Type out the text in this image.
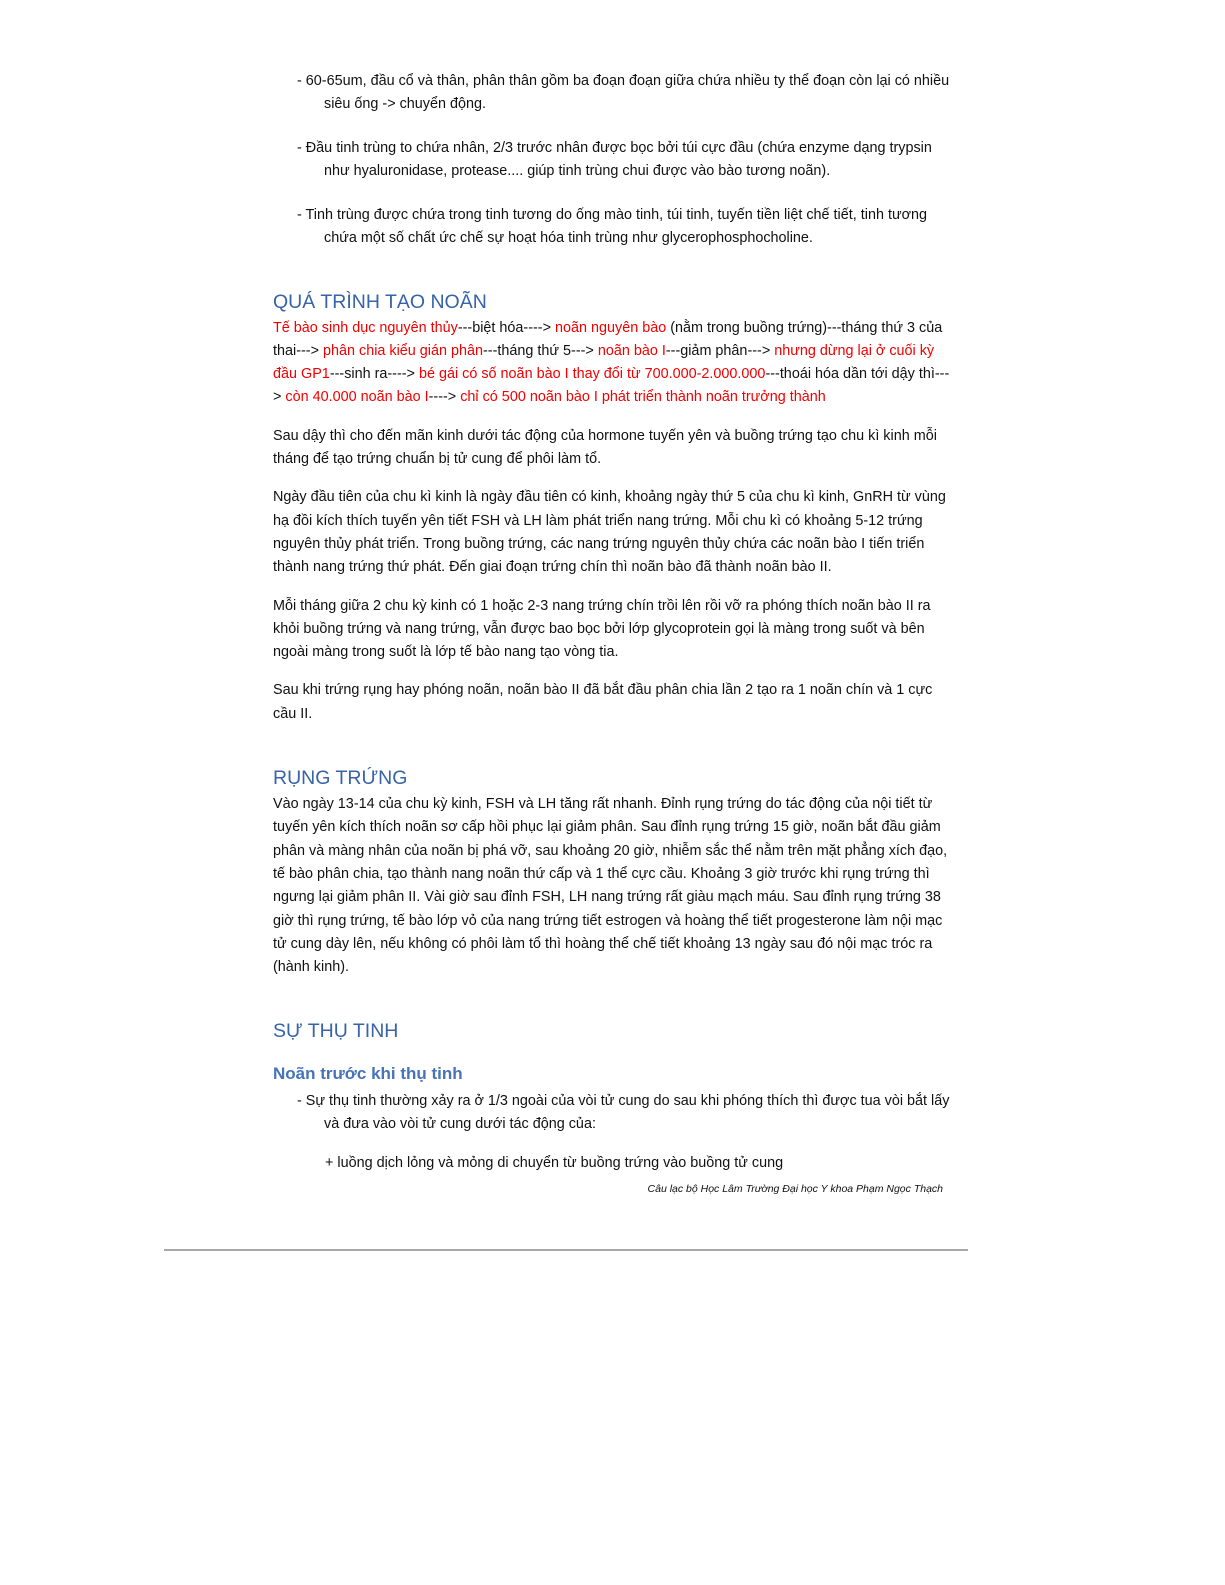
- 60-65um, đầu cổ và thân, phân thân gồm ba đoạn đoạn giữa chứa nhiều ty thể đoạn còn lại có nhiều siêu ống -> chuyển động.
- Đầu tinh trùng to chứa nhân, 2/3 trước nhân được bọc bởi túi cực đầu (chứa enzyme dạng trypsin như hyaluronidase, protease.... giúp tinh trùng chui được vào bào tương noãn).
- Tinh trùng được chứa trong tinh tương do ống mào tinh, túi tinh, tuyến tiền liệt chế tiết, tinh tương chứa một số chất ức chế sự hoạt hóa tinh trùng như glycerophosphocholine.
QUÁ TRÌNH TẠO NOÃN
Tế bào sinh dục nguyên thủy---biệt hóa----> noãn nguyên bào (nằm trong buồng trứng)---tháng thứ 3 của thai---> phân chia kiểu gián phân---tháng thứ 5---> noãn bào I---giảm phân---> nhưng dừng lại ở cuối kỳ đầu GP1---sinh ra----> bé gái có số noãn bào I thay đổi từ 700.000-2.000.000---thoái hóa dần tới dậy thì---> còn 40.000 noãn bào I----> chỉ có 500 noãn bào I phát triển thành noãn trưởng thành

Sau dậy thì cho đến mãn kinh dưới tác động của hormone tuyến yên và buồng trứng tạo chu kì kinh mỗi tháng để tạo trứng chuẩn bị tử cung để phôi làm tổ.

Ngày đầu tiên của chu kì kinh là ngày đầu tiên có kinh, khoảng ngày thứ 5 của chu kì kinh, GnRH từ vùng hạ đồi kích thích tuyến yên tiết FSH và LH làm phát triển nang trứng. Mỗi chu kì có khoảng 5-12 trứng nguyên thủy phát triển. Trong buồng trứng, các nang trứng nguyên thủy chứa các noãn bào I tiến triển thành nang trứng thứ phát. Đến giai đoạn trứng chín thì noãn bào đã thành noãn bào II.

Mỗi tháng giữa 2 chu kỳ kinh có 1 hoặc 2-3 nang trứng chín trồi lên rồi vỡ ra phóng thích noãn bào II ra khỏi buồng trứng và nang trứng, vẫn được bao bọc bởi lớp glycoprotein gọi là màng trong suốt và bên ngoài màng trong suốt là lớp tế bào nang tạo vòng tia.

Sau khi trứng rụng hay phóng noãn, noãn bào II đã bắt đầu phân chia lần 2 tạo ra 1 noãn chín và 1 cực cầu II.

RỤNG TRỨNG

Vào ngày 13-14 của chu kỳ kinh, FSH và LH tăng rất nhanh. Đỉnh rụng trứng do tác động của nội tiết từ tuyến yên kích thích noãn sơ cấp hồi phục lại giảm phân. Sau đỉnh rụng trứng 15 giờ, noãn bắt đầu giảm phân và màng nhân của noãn bị phá vỡ, sau khoảng 20 giờ, nhiễm sắc thể nằm trên mặt phẳng xích đạo, tế bào phân chia, tạo thành nang noãn thứ cấp và 1 thể cực cầu. Khoảng 3 giờ trước khi rụng trứng thì ngưng lại giảm phân II. Vài giờ sau đỉnh FSH, LH nang trứng rất giàu mạch máu. Sau đỉnh rụng trứng 38 giờ thì rụng trứng, tế bào lớp vỏ của nang trứng tiết estrogen và hoàng thể tiết progesterone làm nội mạc tử cung dày lên, nếu không có phôi làm tổ thì hoàng thể chế tiết khoảng 13 ngày sau đó nội mạc tróc ra (hành kinh).

SỰ THỤ TINH
Noãn trước khi thụ tinh
- Sự thụ tinh thường xảy ra ở 1/3 ngoài của vòi tử cung do sau khi phóng thích thì được tua vòi bắt lấy và đưa vào vòi tử cung dưới tác động của:
+ luồng dịch lỏng và mỏng di chuyển từ buồng trứng vào buồng tử cung
Câu lạc bộ Học Lâm Trường Đại học Y khoa Phạm Ngọc Thạch
